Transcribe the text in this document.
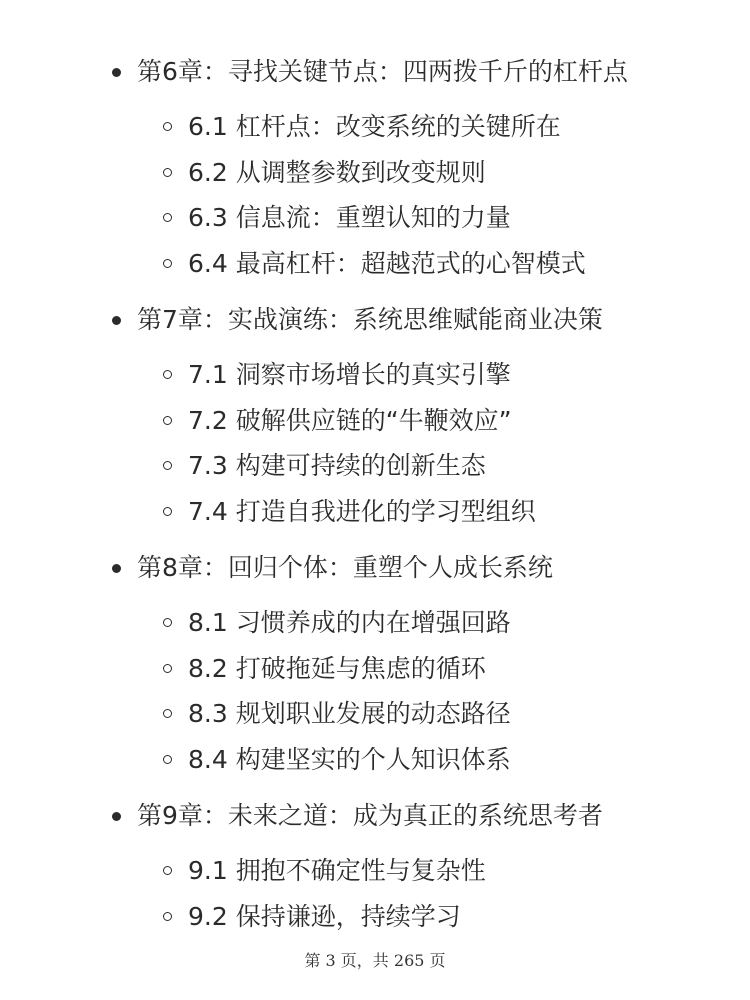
第6章：寻找关键节点：四两拨千斤的杠杆点
6.1 杠杆点：改变系统的关键所在
6.2 从调整参数到改变规则
6.3 信息流：重塑认知的力量
6.4 最高杠杆：超越范式的心智模式
第7章：实战演练：系统思维赋能商业决策
7.1 洞察市场增长的真实引擎
7.2 破解供应链的“牛鞭效应”
7.3 构建可持续的创新生态
7.4 打造自我进化的学习型组织
第8章：回归个体：重塑个人成长系统
8.1 习惯养成的内在增强回路
8.2 打破拖延与焦虑的循环
8.3 规划职业发展的动态路径
8.4 构建坚实的个人知识体系
第9章：未来之道：成为真正的系统思考者
9.1 拥抱不确定性与复杂性
9.2 保持谦逊，持续学习
第 3 页，共 265 页
